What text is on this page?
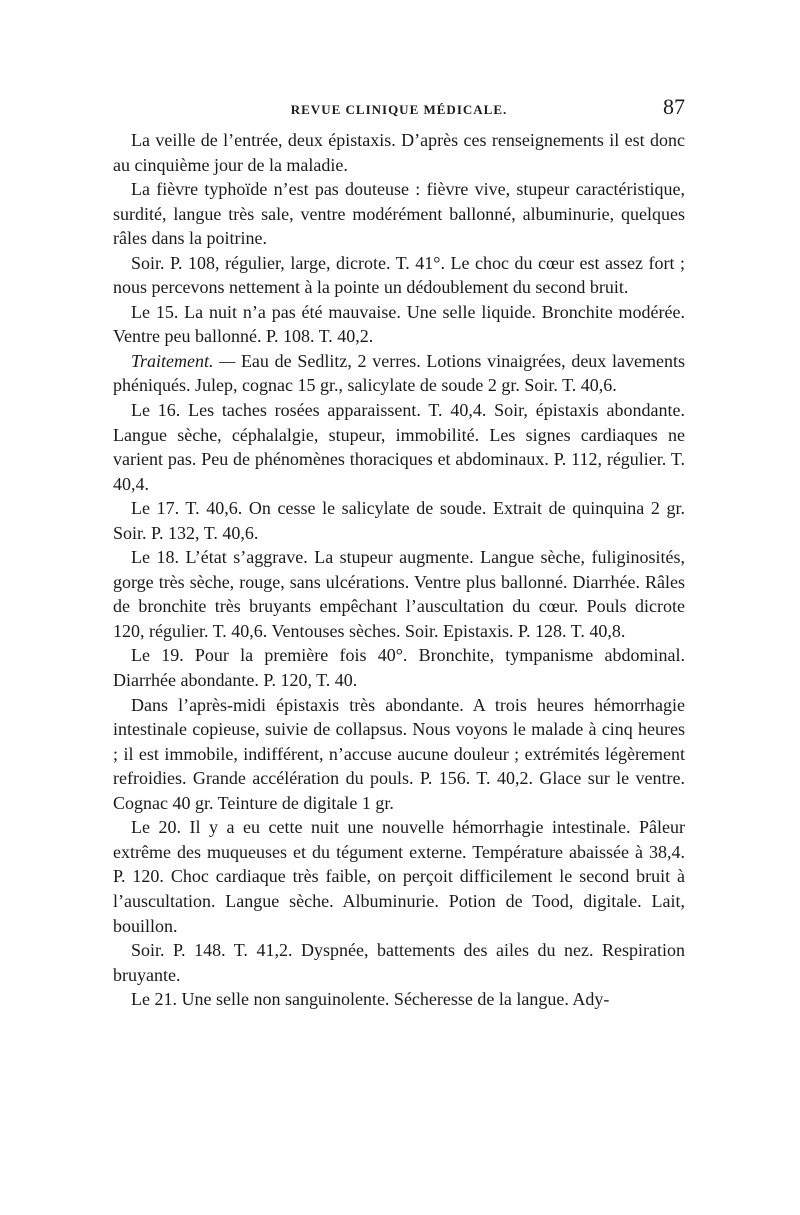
REVUE CLINIQUE MÉDICALE.	87

La veille de l’entrée, deux épistaxis. D’après ces renseignements il est donc au cinquième jour de la maladie.

La fièvre typhoïde n’est pas douteuse : fièvre vive, stupeur caractéristique, surdité, langue très sale, ventre modérément ballonné, albuminurie, quelques râles dans la poitrine.

Soir. P. 108, régulier, large, dicrote. T. 41°. Le choc du cœur est assez fort ; nous percevons nettement à la pointe un dédoublement du second bruit.

Le 15. La nuit n’a pas été mauvaise. Une selle liquide. Bronchite modérée. Ventre peu ballonné. P. 108. T. 40,2.

Traitement. — Eau de Sedlitz, 2 verres. Lotions vinaigrées, deux lavements phéniqués. Julep, cognac 15 gr., salicylate de soude 2 gr. Soir. T. 40,6.

Le 16. Les taches rosées apparaissent. T. 40,4. Soir, épistaxis abondante. Langue sèche, céphalalgie, stupeur, immobilité. Les signes cardiaques ne varient pas. Peu de phénomènes thoraciques et abdominaux. P. 112, régulier. T. 40,4.

Le 17. T. 40,6. On cesse le salicylate de soude. Extrait de quinquina 2 gr. Soir. P. 132, T. 40,6.

Le 18. L’état s’aggrave. La stupeur augmente. Langue sèche, fuliginosités, gorge très sèche, rouge, sans ulcérations. Ventre plus ballonné. Diarrhée. Râles de bronchite très bruyants empêchant l’auscultation du cœur. Pouls dicrote 120, régulier. T. 40,6. Ventouses sèches. Soir. Epistaxis. P. 128. T. 40,8.

Le 19. Pour la première fois 40°. Bronchite, tympanisme abdominal. Diarrhée abondante. P. 120, T. 40.

Dans l’après-midi épistaxis très abondante. A trois heures hémorrhagie intestinale copieuse, suivie de collapsus. Nous voyons le malade à cinq heures ; il est immobile, indifférent, n’accuse aucune douleur ; extrémités légèrement refroidies. Grande accélération du pouls. P. 156. T. 40,2. Glace sur le ventre. Cognac 40 gr. Teinture de digitale 1 gr.

Le 20. Il y a eu cette nuit une nouvelle hémorrhagie intestinale. Pâleur extrême des muqueuses et du tégument externe. Température abaissée à 38,4. P. 120. Choc cardiaque très faible, on perçoit difficilement le second bruit à l’auscultation. Langue sèche. Albuminurie. Potion de Tood, digitale. Lait, bouillon.

Soir. P. 148. T. 41,2. Dyspnée, battements des ailes du nez. Respiration bruyante.

Le 21. Une selle non sanguinolente. Sécheresse de la langue. Ady-
